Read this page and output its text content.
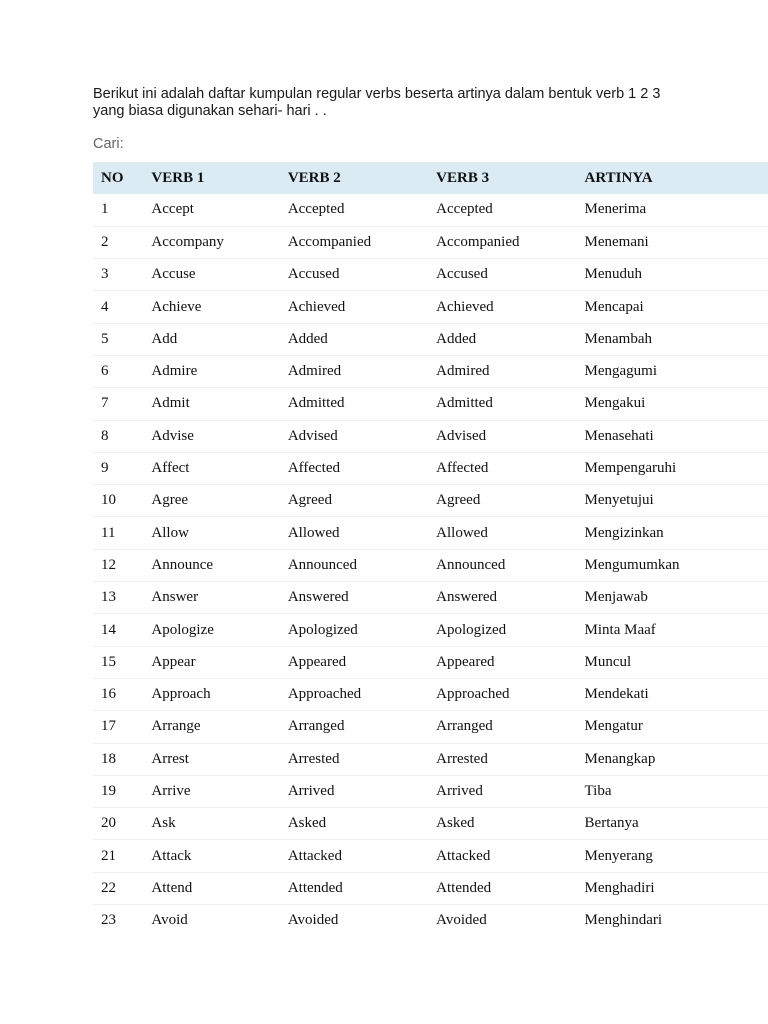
Berikut ini adalah daftar kumpulan regular verbs beserta artinya dalam bentuk verb 1 2 3
yang biasa digunakan sehari- hari . .

Cari:
NO	VERB 1	VERB 2	VERB 3	ARTINYA
1	Accept	Accepted	Accepted	Menerima
2	Accompany	Accompanied	Accompanied	Menemani
3	Accuse	Accused	Accused	Menuduh
4	Achieve	Achieved	Achieved	Mencapai
5	Add	Added	Added	Menambah
6	Admire	Admired	Admired	Mengagumi
7	Admit	Admitted	Admitted	Mengakui
8	Advise	Advised	Advised	Menasehati
9	Affect	Affected	Affected	Mempengaruhi
10	Agree	Agreed	Agreed	Menyetujui
11	Allow	Allowed	Allowed	Mengizinkan
12	Announce	Announced	Announced	Mengumumkan
13	Answer	Answered	Answered	Menjawab
14	Apologize	Apologized	Apologized	Minta Maaf
15	Appear	Appeared	Appeared	Muncul
16	Approach	Approached	Approached	Mendekati
17	Arrange	Arranged	Arranged	Mengatur
18	Arrest	Arrested	Arrested	Menangkap
19	Arrive	Arrived	Arrived	Tiba
20	Ask	Asked	Asked	Bertanya
21	Attack	Attacked	Attacked	Menyerang
22	Attend	Attended	Attended	Menghadiri
23	Avoid	Avoided	Avoided	Menghindari
